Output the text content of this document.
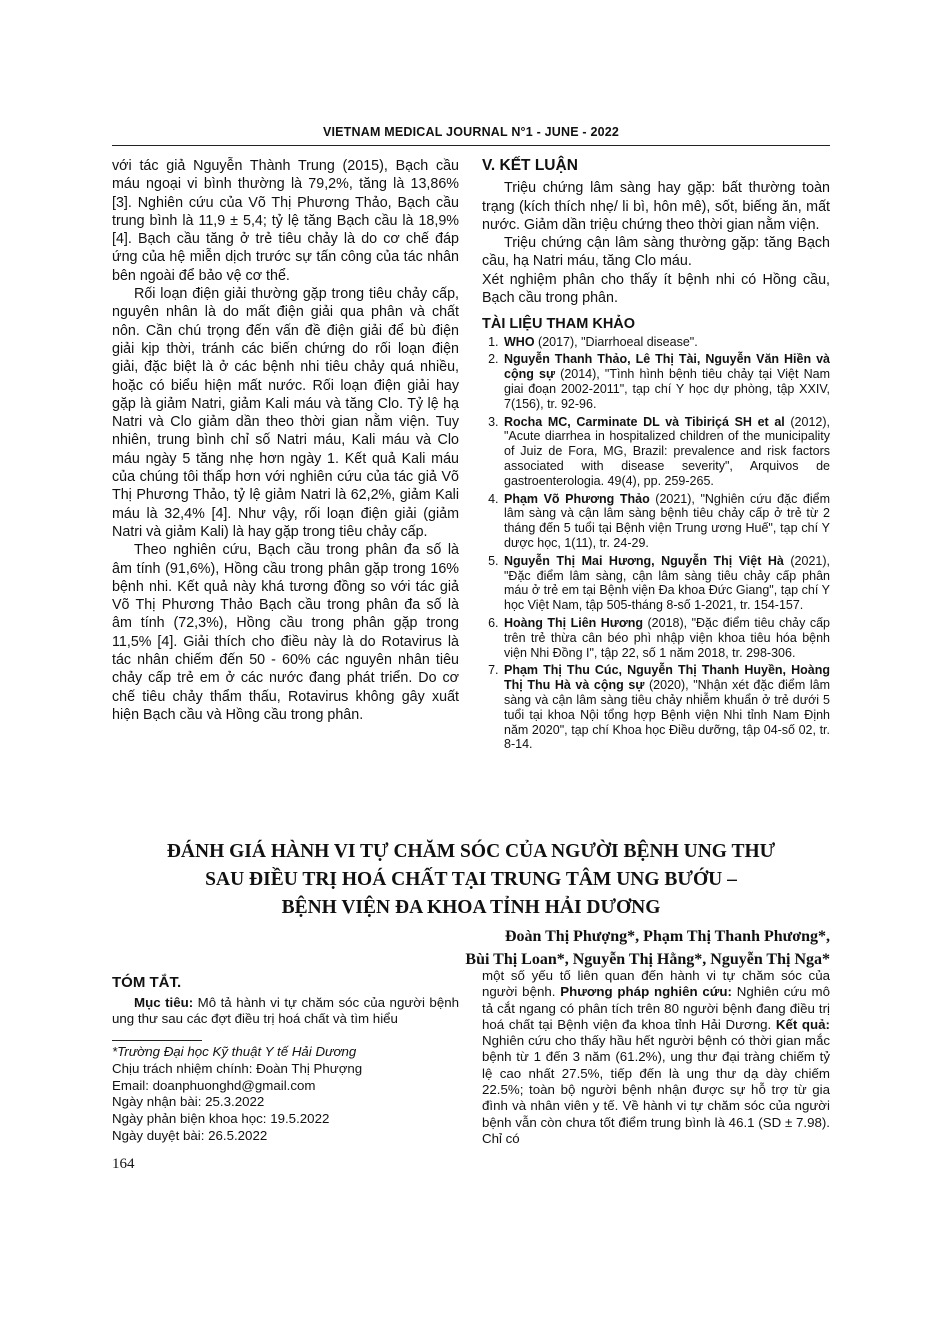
VIETNAM MEDICAL JOURNAL N°1 - JUNE - 2022

với tác giả Nguyễn Thành Trung (2015), Bạch cầu máu ngoại vi bình thường là 79,2%, tăng là 13,86% [3]. Nghiên cứu của Võ Thị Phương Thảo, Bạch cầu trung bình là 11,9 ± 5,4; tỷ lệ tăng Bạch cầu là 18,9% [4]. Bạch cầu tăng ở trẻ tiêu chảy là do cơ chế đáp ứng của hệ miễn dịch trước sự tấn công của tác nhân bên ngoài để bảo vệ cơ thể.

Rối loạn điện giải thường gặp trong tiêu chảy cấp, nguyên nhân là do mất điện giải qua phân và chất nôn. Cần chú trọng đến vấn đề điện giải để bù điện giải kịp thời, tránh các biến chứng do rối loạn điện giải, đặc biệt là ở các bệnh nhi tiêu chảy quá nhiều, hoặc có biểu hiện mất nước. Rối loạn điện giải hay gặp là giảm Natri, giảm Kali máu và tăng Clo. Tỷ lệ hạ Natri và Clo giảm dần theo thời gian nằm viện. Tuy nhiên, trung bình chỉ số Natri máu, Kali máu và Clo máu ngày 5 tăng nhẹ hơn ngày 1. Kết quả Kali máu của chúng tôi thấp hơn với nghiên cứu của tác giả Võ Thị Phương Thảo, tỷ lệ giảm Natri là 62,2%, giảm Kali máu là 32,4% [4]. Như vậy, rối loạn điện giải (giảm Natri và giảm Kali) là hay gặp trong tiêu chảy cấp.

Theo nghiên cứu, Bạch cầu trong phân đa số là âm tính (91,6%), Hồng cầu trong phân gặp trong 16% bệnh nhi. Kết quả này khá tương đồng so với tác giả Võ Thị Phương Thảo Bạch cầu trong phân đa số là âm tính (72,3%), Hồng cầu trong phân gặp trong 11,5% [4]. Giải thích cho điều này là do Rotavirus là tác nhân chiếm đến 50 - 60% các nguyên nhân tiêu chảy cấp trẻ em ở các nước đang phát triển. Do cơ chế tiêu chảy thẩm thấu, Rotavirus không gây xuất hiện Bạch cầu và Hồng cầu trong phân.

V. KẾT LUẬN

Triệu chứng lâm sàng hay gặp: bất thường toàn trạng (kích thích nhẹ/ li bì, hôn mê), sốt, biếng ăn, mất nước. Giảm dần triệu chứng theo thời gian nằm viện.

Triệu chứng cận lâm sàng thường gặp: tăng Bạch cầu, hạ Natri máu, tăng Clo máu.

Xét nghiệm phân cho thấy ít bệnh nhi có Hồng cầu, Bạch cầu trong phân.

TÀI LIỆU THAM KHẢO
1. WHO (2017), "Diarrhoeal disease".
2. Nguyễn Thanh Thảo, Lê Thị Tài, Nguyễn Văn Hiền và cộng sự (2014), "Tình hình bệnh tiêu chảy tại Việt Nam giai đoạn 2002-2011", tạp chí Y học dự phòng, tập XXIV, 7(156), tr. 92-96.
3. Rocha MC, Carminate DL và Tibiriçá SH et al (2012), "Acute diarrhea in hospitalized children of the municipality of Juiz de Fora, MG, Brazil: prevalence and risk factors associated with disease severity", Arquivos de gastroenterologia. 49(4), pp. 259-265.
4. Phạm Võ Phương Thảo (2021), "Nghiên cứu đặc điểm lâm sàng và cận lâm sàng bệnh tiêu chảy cấp ở trẻ từ 2 tháng đến 5 tuổi tại Bệnh viện Trung ương Huế", tạp chí Y dược học, 1(11), tr. 24-29.
5. Nguyễn Thị Mai Hương, Nguyễn Thị Việt Hà (2021), "Đặc điểm lâm sàng, cận lâm sàng tiêu chảy cấp phân máu ở trẻ em tại Bệnh viện Đa khoa Đức Giang", tạp chí Y học Việt Nam, tập 505-tháng 8-số 1-2021, tr. 154-157.
6. Hoàng Thị Liên Hương (2018), "Đặc điểm tiêu chảy cấp trên trẻ thừa cân béo phì nhập viện khoa tiêu hóa bệnh viện Nhi Đồng I", tập 22, số 1 năm 2018, tr. 298-306.
7. Phạm Thị Thu Cúc, Nguyễn Thị Thanh Huyền, Hoàng Thị Thu Hà và cộng sự (2020), "Nhận xét đặc điểm lâm sàng và cận lâm sàng tiêu chảy nhiễm khuẩn ở trẻ dưới 5 tuổi tại khoa Nội tổng hợp Bệnh viện Nhi tỉnh Nam Định năm 2020", tạp chí Khoa học Điều dưỡng, tập 04-số 02, tr. 8-14.
ĐÁNH GIÁ HÀNH VI TỰ CHĂM SÓC CỦA NGƯỜI BỆNH UNG THƯ
SAU ĐIỀU TRỊ HOÁ CHẤT TẠI TRUNG TÂM UNG BƯỚU –
BỆNH VIỆN ĐA KHOA TỈNH HẢI DƯƠNG
Đoàn Thị Phượng*, Phạm Thị Thanh Phương*,
Bùi Thị Loan*, Nguyễn Thị Hằng*, Nguyễn Thị Nga*
TÓM TẮT.

Mục tiêu: Mô tả hành vi tự chăm sóc của người bệnh ung thư sau các đợt điều trị hoá chất và tìm hiểu

*Trường Đại học Kỹ thuật Y tế Hải Dương
Chịu trách nhiệm chính: Đoàn Thị Phượng
Email: doanphuonghd@gmail.com
Ngày nhận bài: 25.3.2022
Ngày phản biện khoa học: 19.5.2022
Ngày duyệt bài: 26.5.2022

một số yếu tố liên quan đến hành vi tự chăm sóc của người bệnh. Phương pháp nghiên cứu: Nghiên cứu mô tả cắt ngang có phân tích trên 80 người bệnh đang điều trị hoá chất tại Bệnh viện đa khoa tỉnh Hải Dương. Kết quả: Nghiên cứu cho thấy hầu hết người bệnh có thời gian mắc bệnh từ 1 đến 3 năm (61.2%), ung thư đại tràng chiếm tỷ lệ cao nhất 27.5%, tiếp đến là ung thư dạ dày chiếm 22.5%; toàn bộ người bệnh nhận được sự hỗ trợ từ gia đình và nhân viên y tế. Về hành vi tự chăm sóc của người bệnh vẫn còn chưa tốt điểm trung bình là 46.1 (SD ± 7.98). Chỉ có

164
